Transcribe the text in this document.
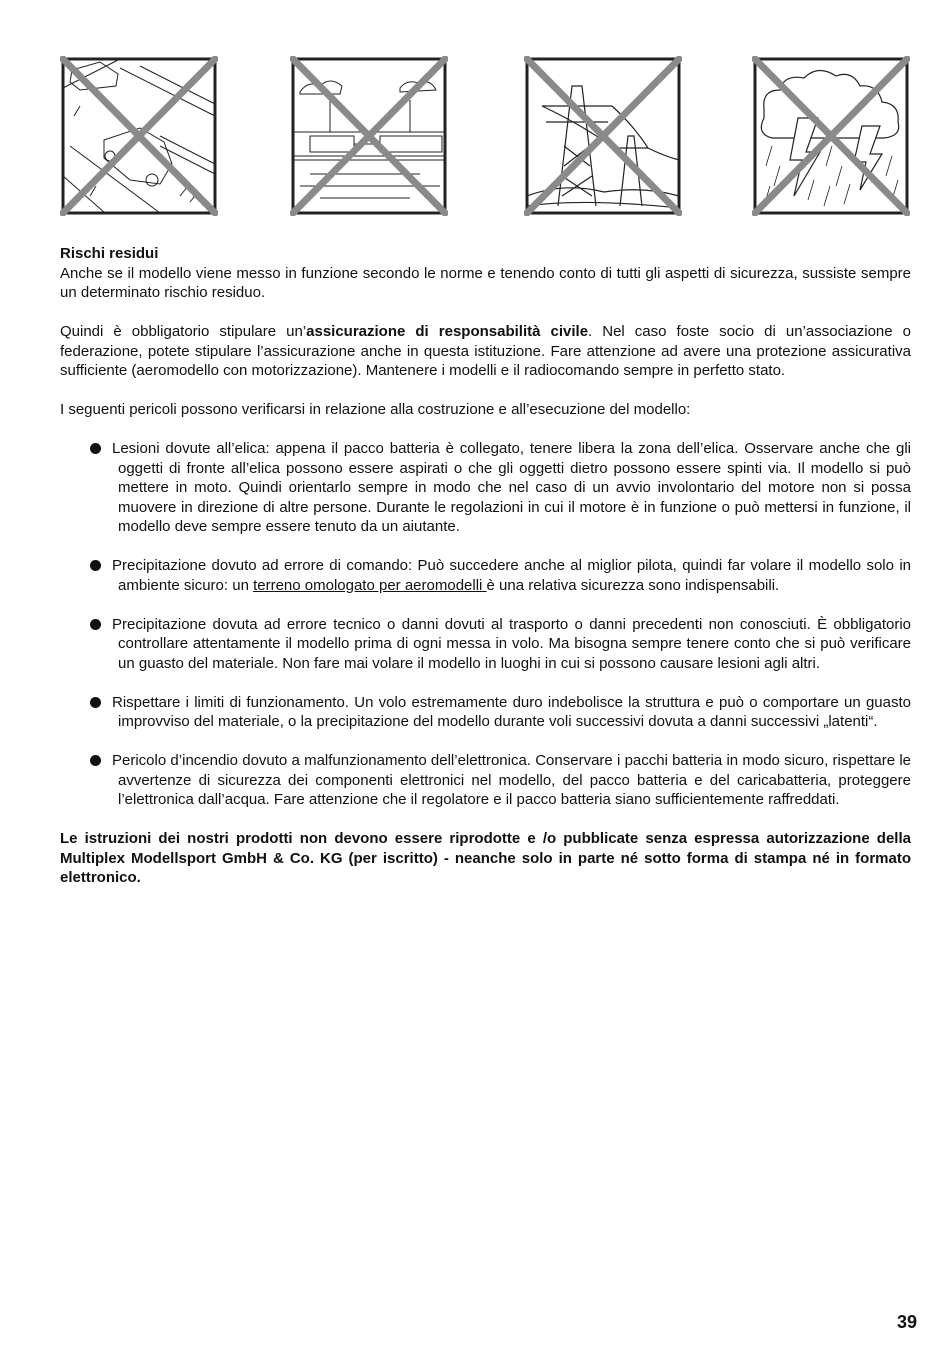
Rischi residui

Anche se il modello viene messo in funzione secondo le norme e tenendo conto di tutti gli aspetti di sicurezza, sussiste sempre un determinato rischio residuo.

Quindi è obbligatorio stipulare un’assicurazione di responsabilità civile. Nel caso foste socio di un’associazione o federazione, potete stipulare l’assicurazione anche in questa istituzione. Fare attenzione ad avere una protezione assicurativa sufficiente (aeromodello con motorizzazione). Mantenere i modelli e il radiocomando sempre in perfetto stato.

I seguenti pericoli possono verificarsi in relazione alla costruzione e all’esecuzione del modello:

Lesioni dovute all’elica: appena il pacco batteria è collegato, tenere libera la zona dell’elica. Osservare anche che gli oggetti di fronte all’elica possono essere aspirati o che gli oggetti dietro possono essere spinti via. Il modello si può mettere in moto. Quindi orientarlo sempre in modo che nel caso di un avvio involontario del motore non si possa muovere in direzione di altre persone. Durante le regolazioni in cui il motore è in funzione o può mettersi in funzione, il modello deve sempre essere tenuto da un aiutante.
Precipitazione dovuto ad errore di comando: Può succedere anche al miglior pilota, quindi far volare il modello solo in ambiente sicuro: un terreno omologato per aeromodelli è una relativa sicurezza sono indispensabili.
Precipitazione dovuta ad errore tecnico o danni dovuti al trasporto o danni precedenti non conosciuti. È obbligatorio controllare attentamente il modello prima di ogni messa in volo. Ma bisogna sempre tenere conto che si può verificare un guasto del materiale. Non fare mai volare il modello in luoghi in cui si possono causare lesioni agli altri.
Rispettare i limiti di funzionamento. Un volo estremamente duro indebolisce la struttura e può o comportare un guasto improvviso del materiale, o la precipitazione del modello durante voli successivi dovuta a danni successivi „latenti“.
Pericolo d’incendio dovuto a malfunzionamento dell’elettronica. Conservare i pacchi batteria in modo sicuro, rispettare le avvertenze di sicurezza dei componenti elettronici nel modello, del pacco batteria e del caricabatteria, proteggere l’elettronica dall’acqua. Fare attenzione che il regolatore e il pacco batteria siano sufficientemente raffreddati.

Le istruzioni dei nostri prodotti non devono essere riprodotte e /o pubblicate senza espressa autorizzazione della Multiplex Modellsport GmbH & Co. KG (per iscritto) - neanche solo in parte né sotto forma di stampa né in formato elettronico.

39
